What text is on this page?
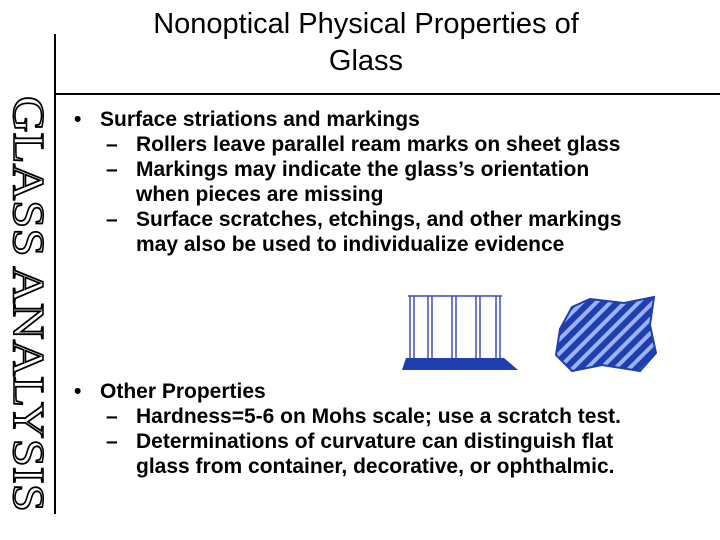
GLASS ANALYSIS
Nonoptical Physical Properties of
Glass
• Surface striations and markings
– Rollers leave parallel ream marks on sheet glass
– Markings may indicate the glass’s orientation
when pieces are missing
– Surface scratches, etchings, and other markings
may also be used to individualize evidence
• Other Properties
– Hardness=5-6 on Mohs scale; use a scratch test.
– Determinations of curvature can distinguish flat
glass from container, decorative, or ophthalmic.
